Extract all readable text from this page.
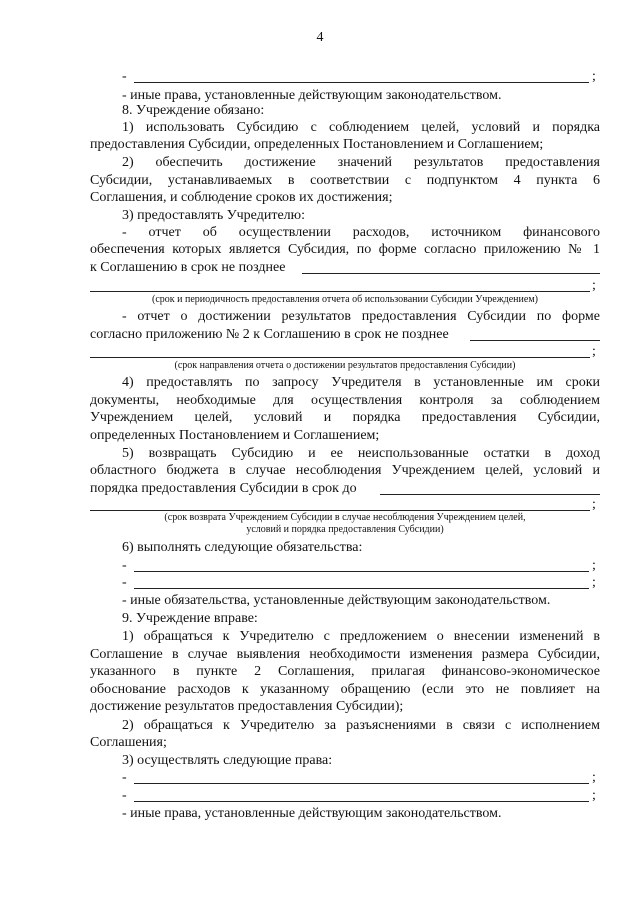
4
-	;
- иные права, установленные действующим законодательством.
8. Учреждение обязано:
1) использовать Субсидию с соблюдением целей, условий и порядка
предоставления Субсидии, определенных Постановлением и Соглашением;
2) обеспечить достижение значений результатов предоставления
Субсидии, устанавливаемых в соответствии с подпунктом 4 пункта 6
Соглашения, и соблюдение сроков их достижения;
3) предоставлять Учредителю:
- отчет об осуществлении расходов, источником финансового
обеспечения которых является Субсидия, по форме согласно приложению № 1
к Соглашению в срок не позднее
;
(срок и периодичность предоставления отчета об использовании Субсидии Учреждением)
- отчет о достижении результатов предоставления Субсидии по форме
согласно приложению № 2 к Соглашению в срок не позднее
;
(срок направления отчета о достижении результатов предоставления Субсидии)
4) предоставлять по запросу Учредителя в установленные им сроки
документы, необходимые для осуществления контроля за соблюдением
Учреждением целей, условий и порядка предоставления Субсидии,
определенных Постановлением и Соглашением;
5) возвращать Субсидию и ее неиспользованные остатки в доход
областного бюджета в случае несоблюдения Учреждением целей, условий и
порядка предоставления Субсидии в срок до
;
(срок возврата Учреждением Субсидии в случае несоблюдения Учреждением целей,
условий и порядка предоставления Субсидии)
6) выполнять следующие обязательства:
-	;
-	;
- иные обязательства, установленные действующим законодательством.
9. Учреждение вправе:
1) обращаться к Учредителю с предложением о внесении изменений в
Соглашение в случае выявления необходимости изменения размера Субсидии,
указанного в пункте 2 Соглашения, прилагая финансово-экономическое
обоснование расходов к указанному обращению (если это не повлияет на
достижение результатов предоставления Субсидии);
2) обращаться к Учредителю за разъяснениями в связи с исполнением
Соглашения;
3) осуществлять следующие права:
-	;
-	;
- иные права, установленные действующим законодательством.
